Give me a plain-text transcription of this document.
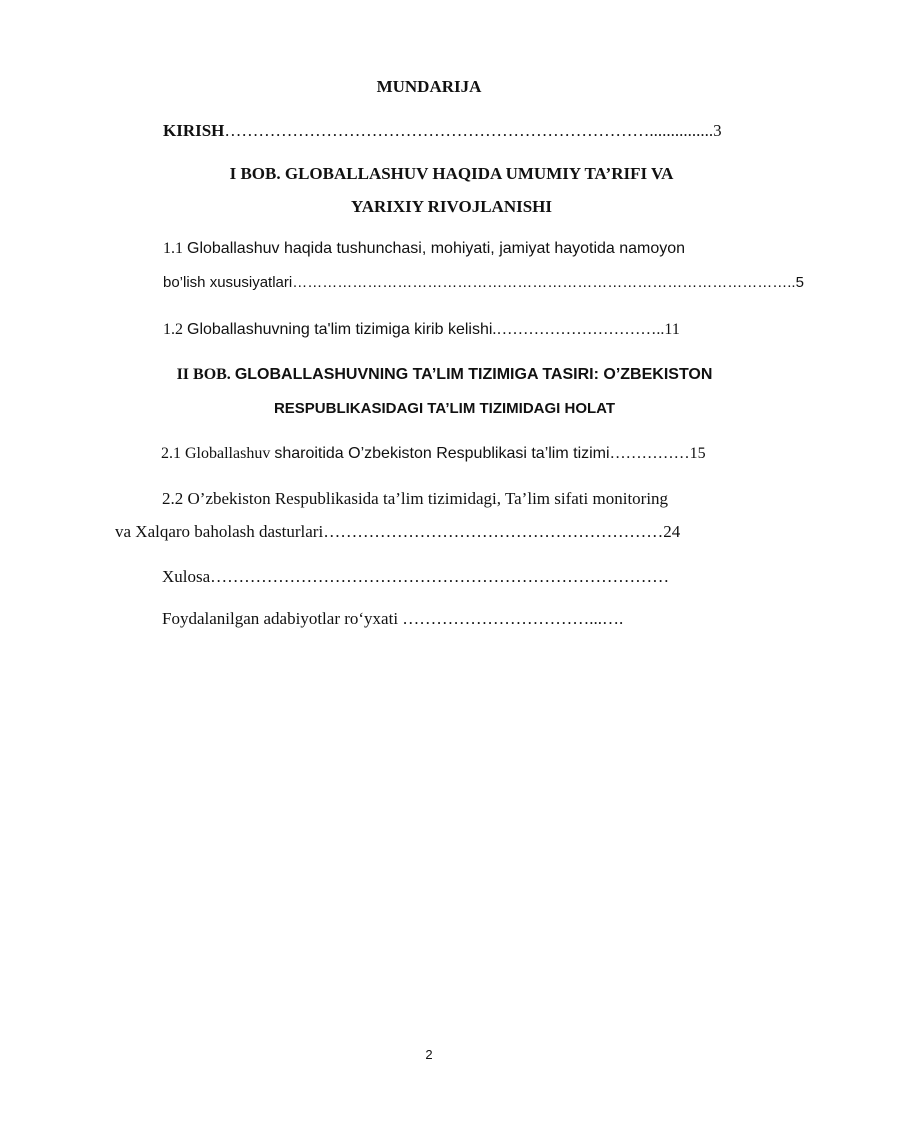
MUNDARIJA
KIRISH…………………………………………………………………...............3
I BOB. GLOBALLASHUV HAQIDA UMUMIY TA’RIFI VA
YARIXIY RIVOJLANISHI
1.1 Globallashuv haqida tushunchasi, mohiyati, jamiyat hayotida namoyon
bo’lish xususiyatlari………………………………………………………………………………………..5
1.2 Globallashuvning ta'lim tizimiga kirib kelishi.…………………………..11
II BOB. GLOBALLASHUVNING TA’LIM TIZIMIGA TASIRI: O’ZBEKISTON
RESPUBLIKASIDAGI TA’LIM TIZIMIDAGI HOLAT
2.1 Globallashuv sharoitida O’zbekiston Respublikasi ta’lim tizimi……………15
2.2 O’zbekiston Respublikasida ta’lim tizimidagi, Ta’lim sifati monitoring
va Xalqaro baholash dasturlari……………………………………………………24
Xulosa………………………………………………………………………
Foydalanilgan adabiyotlar ro‘yxati ……………………………...….
2
